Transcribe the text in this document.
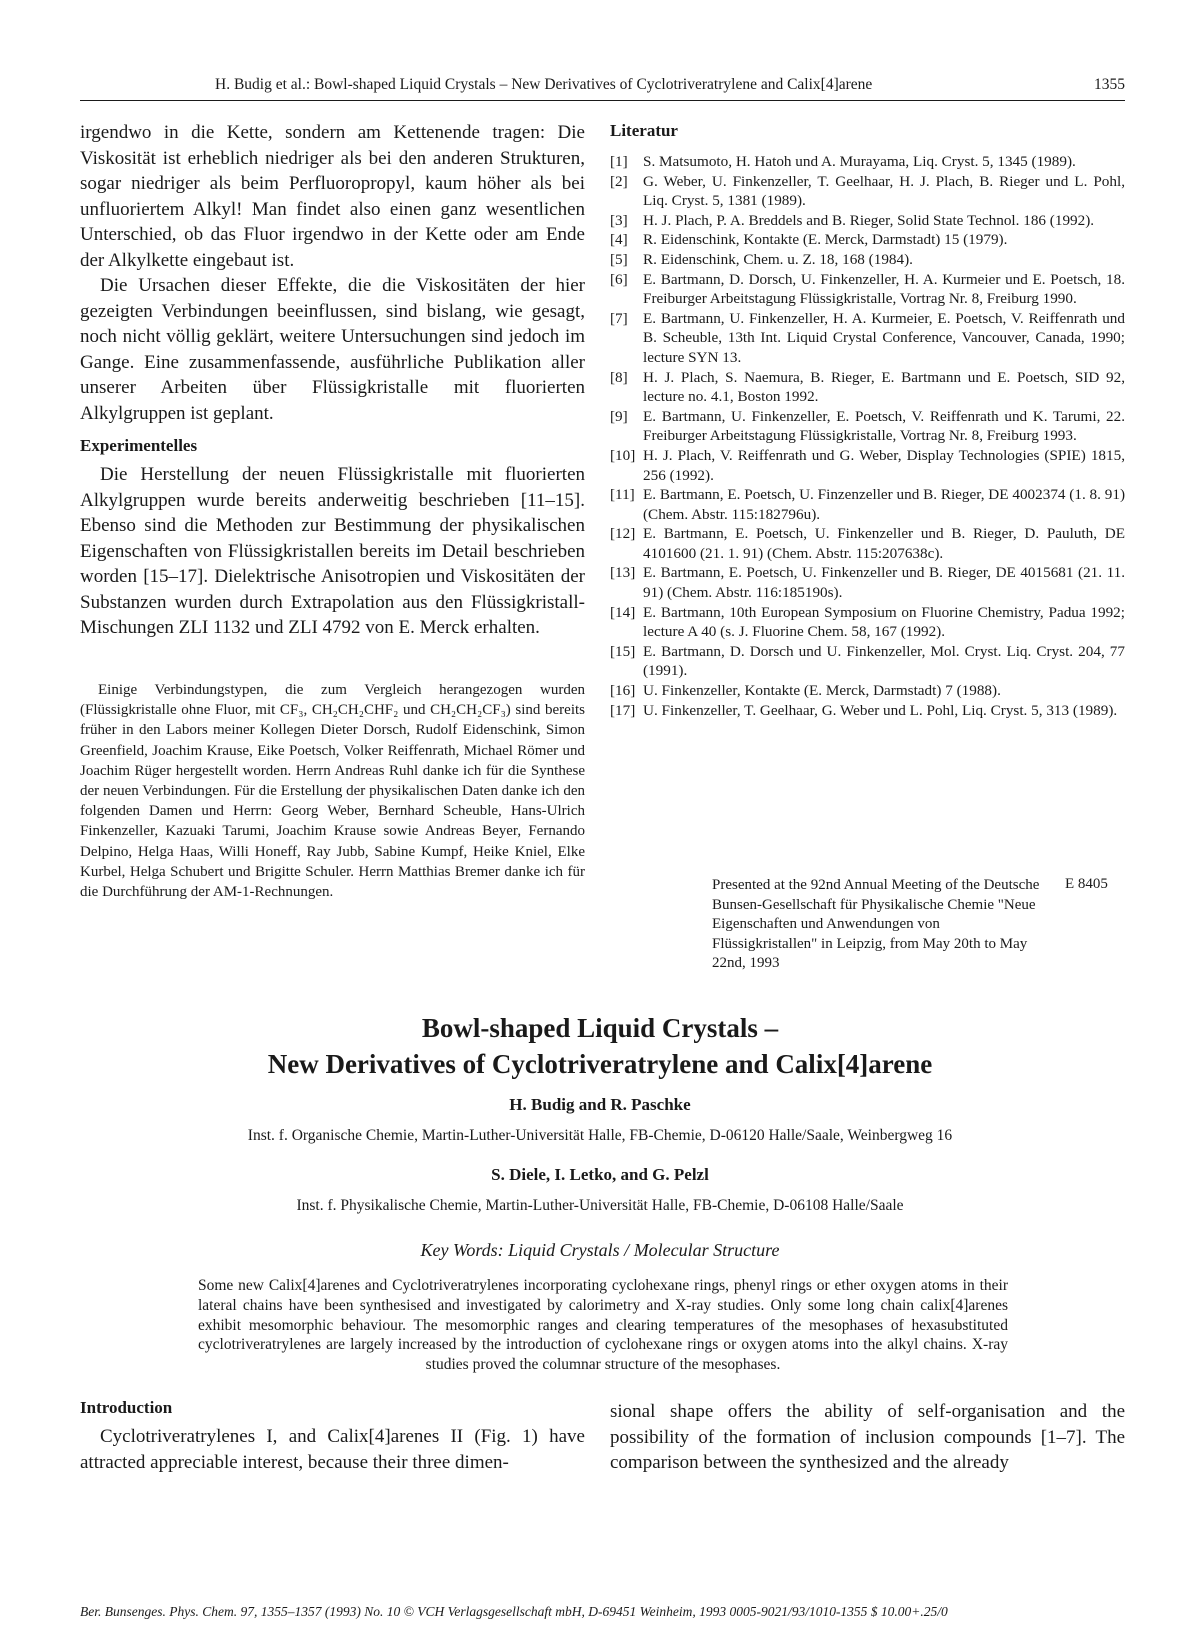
H. Budig et al.: Bowl-shaped Liquid Crystals – New Derivatives of Cyclotriveratrylene and Calix[4]arene	1355

irgendwo in die Kette, sondern am Kettenende tragen: Die Viskosität ist erheblich niedriger als bei den anderen Strukturen, sogar niedriger als beim Perfluoropropyl, kaum höher als bei unfluoriertem Alkyl! Man findet also einen ganz wesentlichen Unterschied, ob das Fluor irgendwo in der Kette oder am Ende der Alkylkette eingebaut ist.

Die Ursachen dieser Effekte, die die Viskositäten der hier gezeigten Verbindungen beeinflussen, sind bislang, wie gesagt, noch nicht völlig geklärt, weitere Untersuchungen sind jedoch im Gange. Eine zusammenfassende, ausführliche Publikation aller unserer Arbeiten über Flüssigkristalle mit fluorierten Alkylgruppen ist geplant.

Experimentelles

Die Herstellung der neuen Flüssigkristalle mit fluorierten Alkylgruppen wurde bereits anderweitig beschrieben [11–15]. Ebenso sind die Methoden zur Bestimmung der physikalischen Eigenschaften von Flüssigkristallen bereits im Detail beschrieben worden [15–17]. Dielektrische Anisotropien und Viskositäten der Substanzen wurden durch Extrapolation aus den Flüssigkristall-Mischungen ZLI 1132 und ZLI 4792 von E. Merck erhalten.

Einige Verbindungstypen, die zum Vergleich herangezogen wurden (Flüssigkristalle ohne Fluor, mit CF₃, CH₂CH₂CHF₂ und CH₂CH₂CF₃) sind bereits früher in den Labors meiner Kollegen Dieter Dorsch, Rudolf Eidenschink, Simon Greenfield, Joachim Krause, Eike Poetsch, Volker Reiffenrath, Michael Römer und Joachim Rüger hergestellt worden. Herrn Andreas Ruhl danke ich für die Synthese der neuen Verbindungen. Für die Erstellung der physikalischen Daten danke ich den folgenden Damen und Herrn: Georg Weber, Bernhard Scheuble, Hans-Ulrich Finkenzeller, Kazuaki Tarumi, Joachim Krause sowie Andreas Beyer, Fernando Delpino, Helga Haas, Willi Honeff, Ray Jubb, Sabine Kumpf, Heike Kniel, Elke Kurbel, Helga Schubert und Brigitte Schuler. Herrn Matthias Bremer danke ich für die Durchführung der AM-1-Rechnungen.

Literatur
[1]	S. Matsumoto, H. Hatoh und A. Murayama, Liq. Cryst. 5, 1345 (1989).
[2]	G. Weber, U. Finkenzeller, T. Geelhaar, H. J. Plach, B. Rieger und L. Pohl, Liq. Cryst. 5, 1381 (1989).
[3]	H. J. Plach, P. A. Breddels and B. Rieger, Solid State Technol. 186 (1992).
[4]	R. Eidenschink, Kontakte (E. Merck, Darmstadt) 15 (1979).
[5]	R. Eidenschink, Chem. u. Z. 18, 168 (1984).
[6]	E. Bartmann, D. Dorsch, U. Finkenzeller, H. A. Kurmeier und E. Poetsch, 18. Freiburger Arbeitstagung Flüssigkristalle, Vortrag Nr. 8, Freiburg 1990.
[7]	E. Bartmann, U. Finkenzeller, H. A. Kurmeier, E. Poetsch, V. Reiffenrath und B. Scheuble, 13th Int. Liquid Crystal Conference, Vancouver, Canada, 1990; lecture SYN 13.
[8]	H. J. Plach, S. Naemura, B. Rieger, E. Bartmann und E. Poetsch, SID 92, lecture no. 4.1, Boston 1992.
[9]	E. Bartmann, U. Finkenzeller, E. Poetsch, V. Reiffenrath und K. Tarumi, 22. Freiburger Arbeitstagung Flüssigkristalle, Vortrag Nr. 8, Freiburg 1993.
[10] H. J. Plach, V. Reiffenrath und G. Weber, Display Technologies (SPIE) 1815, 256 (1992).
[11] E. Bartmann, E. Poetsch, U. Finzenzeller und B. Rieger, DE 4002374 (1. 8. 91) (Chem. Abstr. 115:182796u).
[12] E. Bartmann, E. Poetsch, U. Finkenzeller und B. Rieger, D. Pauluth, DE 4101600 (21. 1. 91) (Chem. Abstr. 115:207638c).
[13] E. Bartmann, E. Poetsch, U. Finkenzeller und B. Rieger, DE 4015681 (21. 11. 91) (Chem. Abstr. 116:185190s).
[14] E. Bartmann, 10th European Symposium on Fluorine Chemistry, Padua 1992; lecture A 40 (s. J. Fluorine Chem. 58, 167 (1992).
[15] E. Bartmann, D. Dorsch und U. Finkenzeller, Mol. Cryst. Liq. Cryst. 204, 77 (1991).
[16] U. Finkenzeller, Kontakte (E. Merck, Darmstadt) 7 (1988).
[17] U. Finkenzeller, T. Geelhaar, G. Weber und L. Pohl, Liq. Cryst. 5, 313 (1989).
Presented at the 92nd Annual Meeting of the Deutsche Bunsen-Gesellschaft für Physikalische Chemie "Neue Eigenschaften und Anwendungen von Flüssigkristallen" in Leipzig, from May 20th to May 22nd, 1993
E 8405
Bowl-shaped Liquid Crystals –
New Derivatives of Cyclotriveratrylene and Calix[4]arene
H. Budig and R. Paschke
Inst. f. Organische Chemie, Martin-Luther-Universität Halle, FB-Chemie, D-06120 Halle/Saale, Weinbergweg 16
S. Diele, I. Letko, and G. Pelzl
Inst. f. Physikalische Chemie, Martin-Luther-Universität Halle, FB-Chemie, D-06108 Halle/Saale
Key Words: Liquid Crystals / Molecular Structure

Some new Calix[4]arenes and Cyclotriveratrylenes incorporating cyclohexane rings, phenyl rings or ether oxygen atoms in their lateral chains have been synthesised and investigated by calorimetry and X-ray studies. Only some long chain calix[4]arenes exhibit mesomorphic behaviour. The mesomorphic ranges and clearing temperatures of the mesophases of hexasubstituted cyclotriveratrylenes are largely increased by the introduction of cyclohexane rings or oxygen atoms into the alkyl chains. X-ray studies proved the columnar structure of the mesophases.

Introduction

Cyclotriveratrylenes I, and Calix[4]arenes II (Fig. 1) have attracted appreciable interest, because their three dimen-

sional shape offers the ability of self-organisation and the possibility of the formation of inclusion compounds [1–7]. The comparison between the synthesized and the already

Ber. Bunsenges. Phys. Chem. 97, 1355–1357 (1993) No. 10 © VCH Verlagsgesellschaft mbH, D-69451 Weinheim, 1993 0005-9021/93/1010-1355 $ 10.00+.25/0
